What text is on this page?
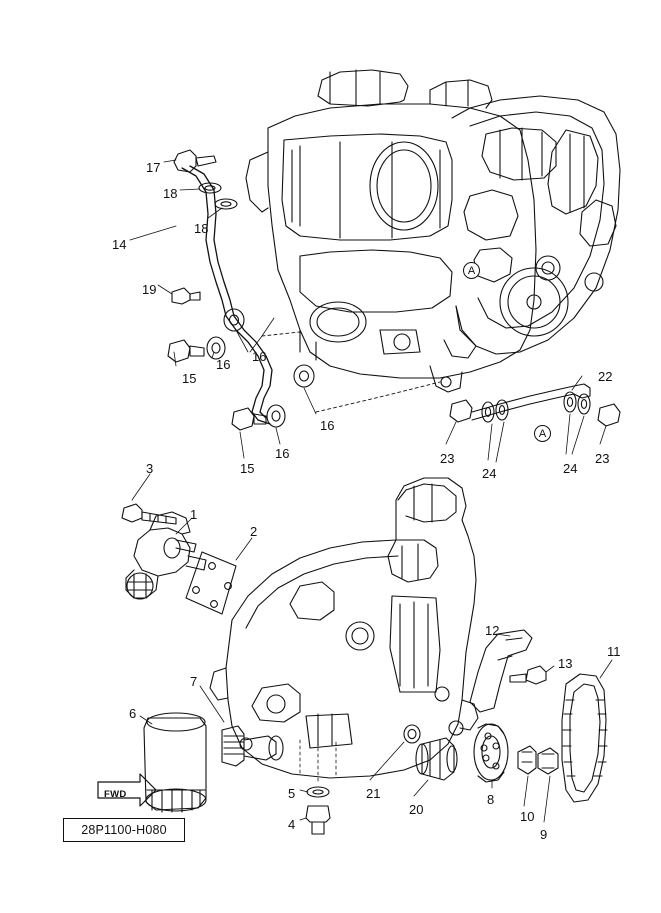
A
A
17
18
18
14
19
16
15
16
16
16
15
22
23
24	24
23
3
1
2
12
13
11
7
6
5
4
21
20
8
10
9
FWD
28P1100-H080
